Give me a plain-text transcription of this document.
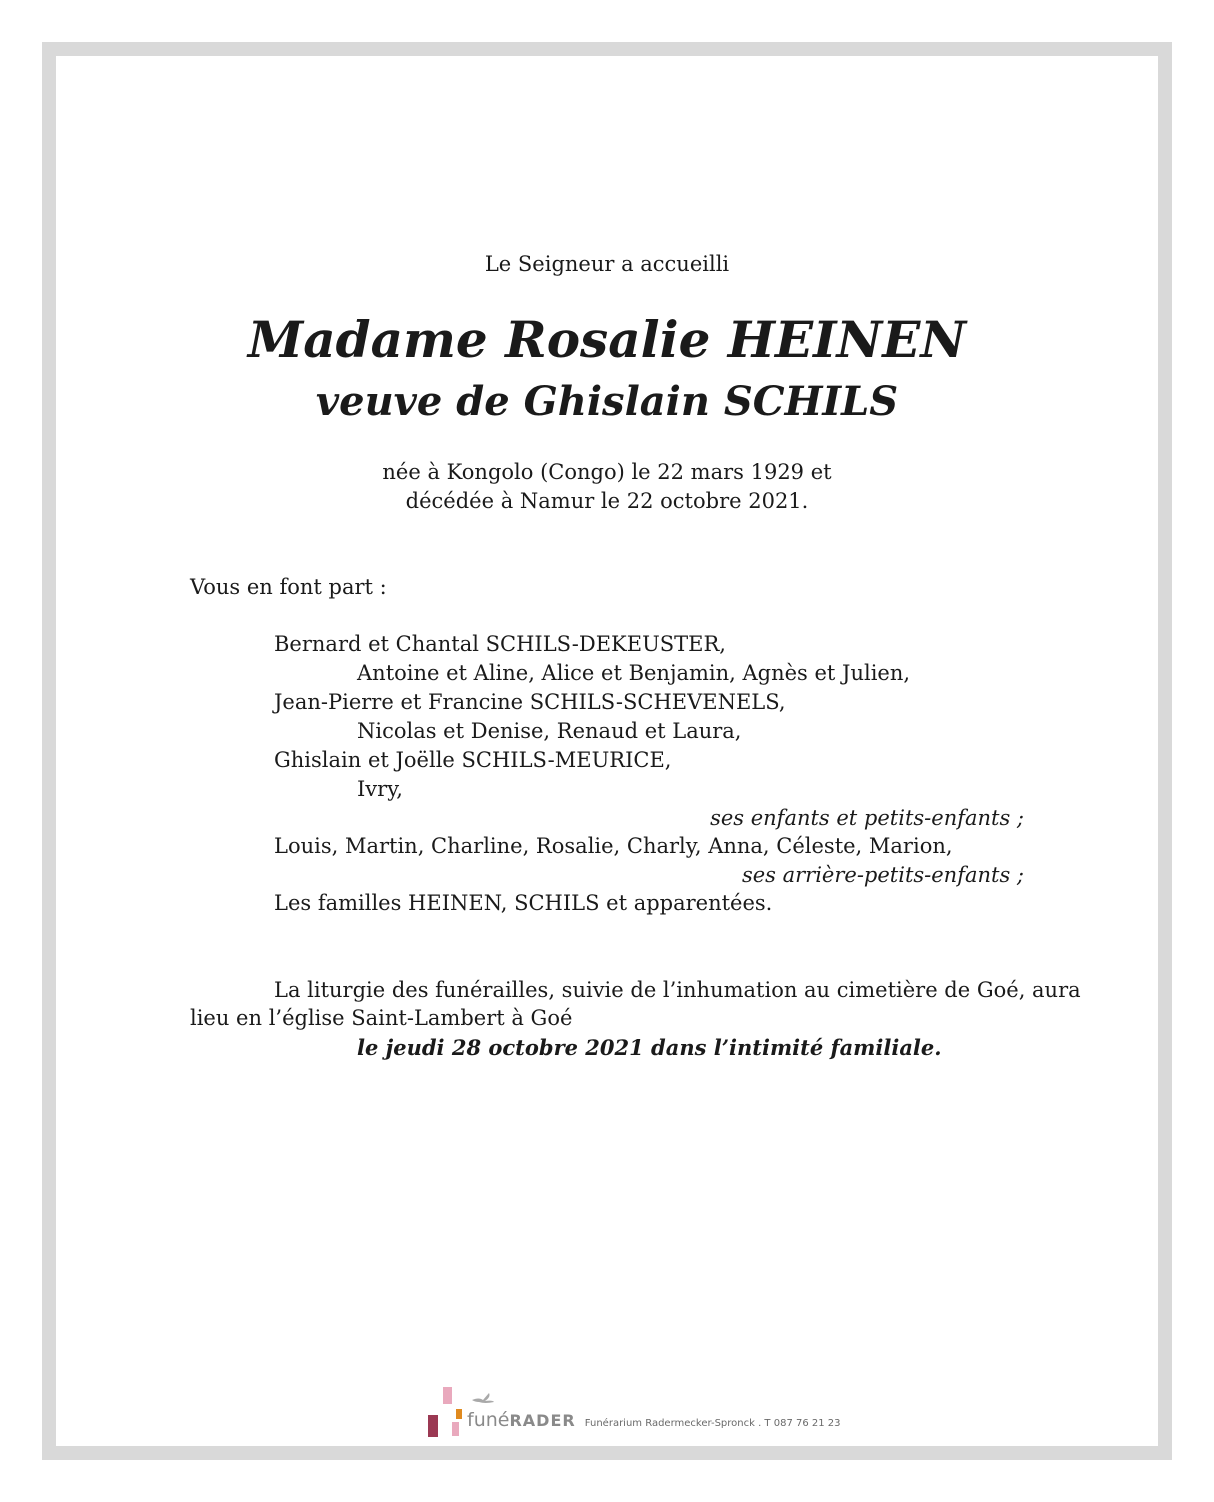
Le Seigneur a accueilli
Madame Rosalie HEINEN
veuve de Ghislain SCHILS
née à Kongolo (Congo) le 22 mars 1929 et
décédée à Namur le 22 octobre 2021.
Vous en font part :
Bernard et Chantal SCHILS-DEKEUSTER,
Antoine et Aline, Alice et Benjamin, Agnès et Julien,
Jean-Pierre et Francine SCHILS-SCHEVENELS,
Nicolas et Denise, Renaud et Laura,
Ghislain et Joëlle SCHILS-MEURICE,
Ivry,
ses enfants et petits-enfants ;
Louis, Martin, Charline, Rosalie, Charly, Anna, Céleste, Marion,
ses arrière-petits-enfants ;
Les familles HEINEN, SCHILS et apparentées.
La liturgie des funérailles, suivie de l’inhumation au cimetière de Goé, aura
lieu en l’église Saint-Lambert à Goé
le jeudi 28 octobre 2021 dans l’intimité familiale.
funéRADER Funérarium Radermecker-Spronck . T 087 76 21 23
